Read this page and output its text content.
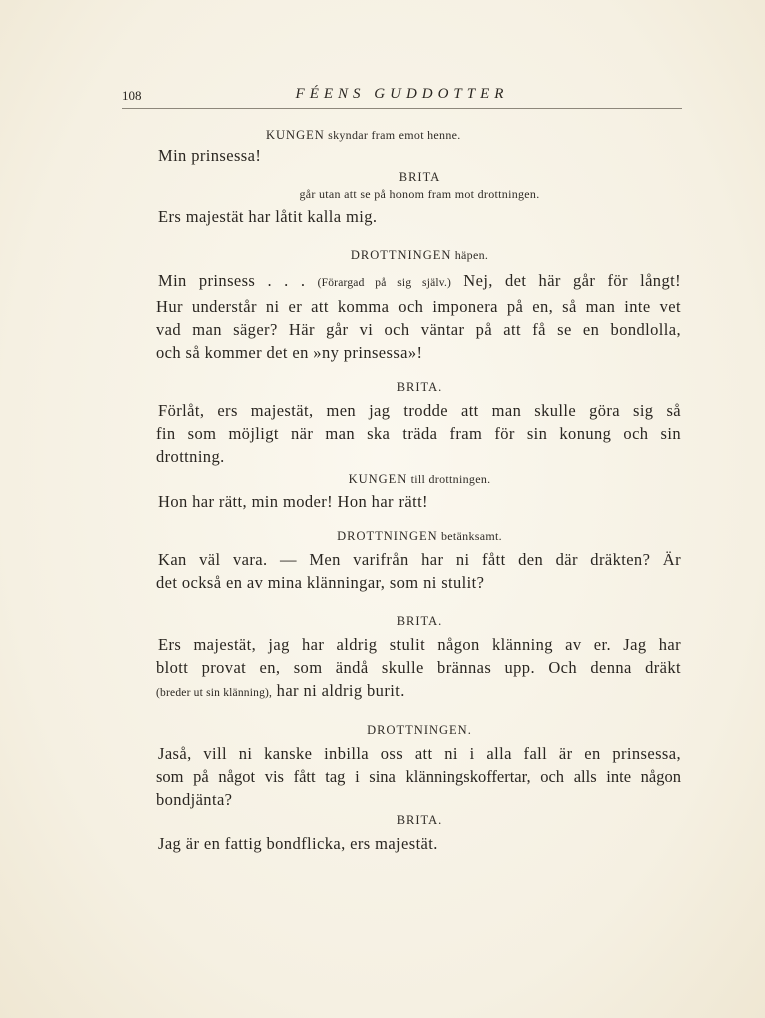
108	FÉENS GUDDOTTER
KUNGEN skyndar fram emot henne.
Min prinsessa!
BRITA
går utan att se på honom fram mot drottningen.
Ers majestät har låtit kalla mig.
DROTTNINGEN häpen.
Min prinsess . . . (Förargad på sig själv.) Nej, det här går för långt!
Hur understår ni er att komma och imponera på en, så man inte vet
vad man säger? Här går vi och väntar på att få se en bondlolla,
och så kommer det en »ny prinsessa»!
BRITA.
Förlåt, ers majestät, men jag trodde att man skulle göra sig så
fin som möjligt när man ska träda fram för sin konung och sin
drottning.
KUNGEN till drottningen.
Hon har rätt, min moder! Hon har rätt!
DROTTNINGEN betänksamt.
Kan väl vara. — Men varifrån har ni fått den där dräkten? Är
det också en av mina klänningar, som ni stulit?
BRITA.
Ers majestät, jag har aldrig stulit någon klänning av er. Jag har
blott provat en, som ändå skulle brännas upp. Och denna dräkt
(breder ut sin klänning), har ni aldrig burit.
DROTTNINGEN.
Jaså, vill ni kanske inbilla oss att ni i alla fall är en prinsessa,
som på något vis fått tag i sina klänningskoffertar, och alls inte någon
bondjänta?
BRITA.
Jag är en fattig bondflicka, ers majestät.
